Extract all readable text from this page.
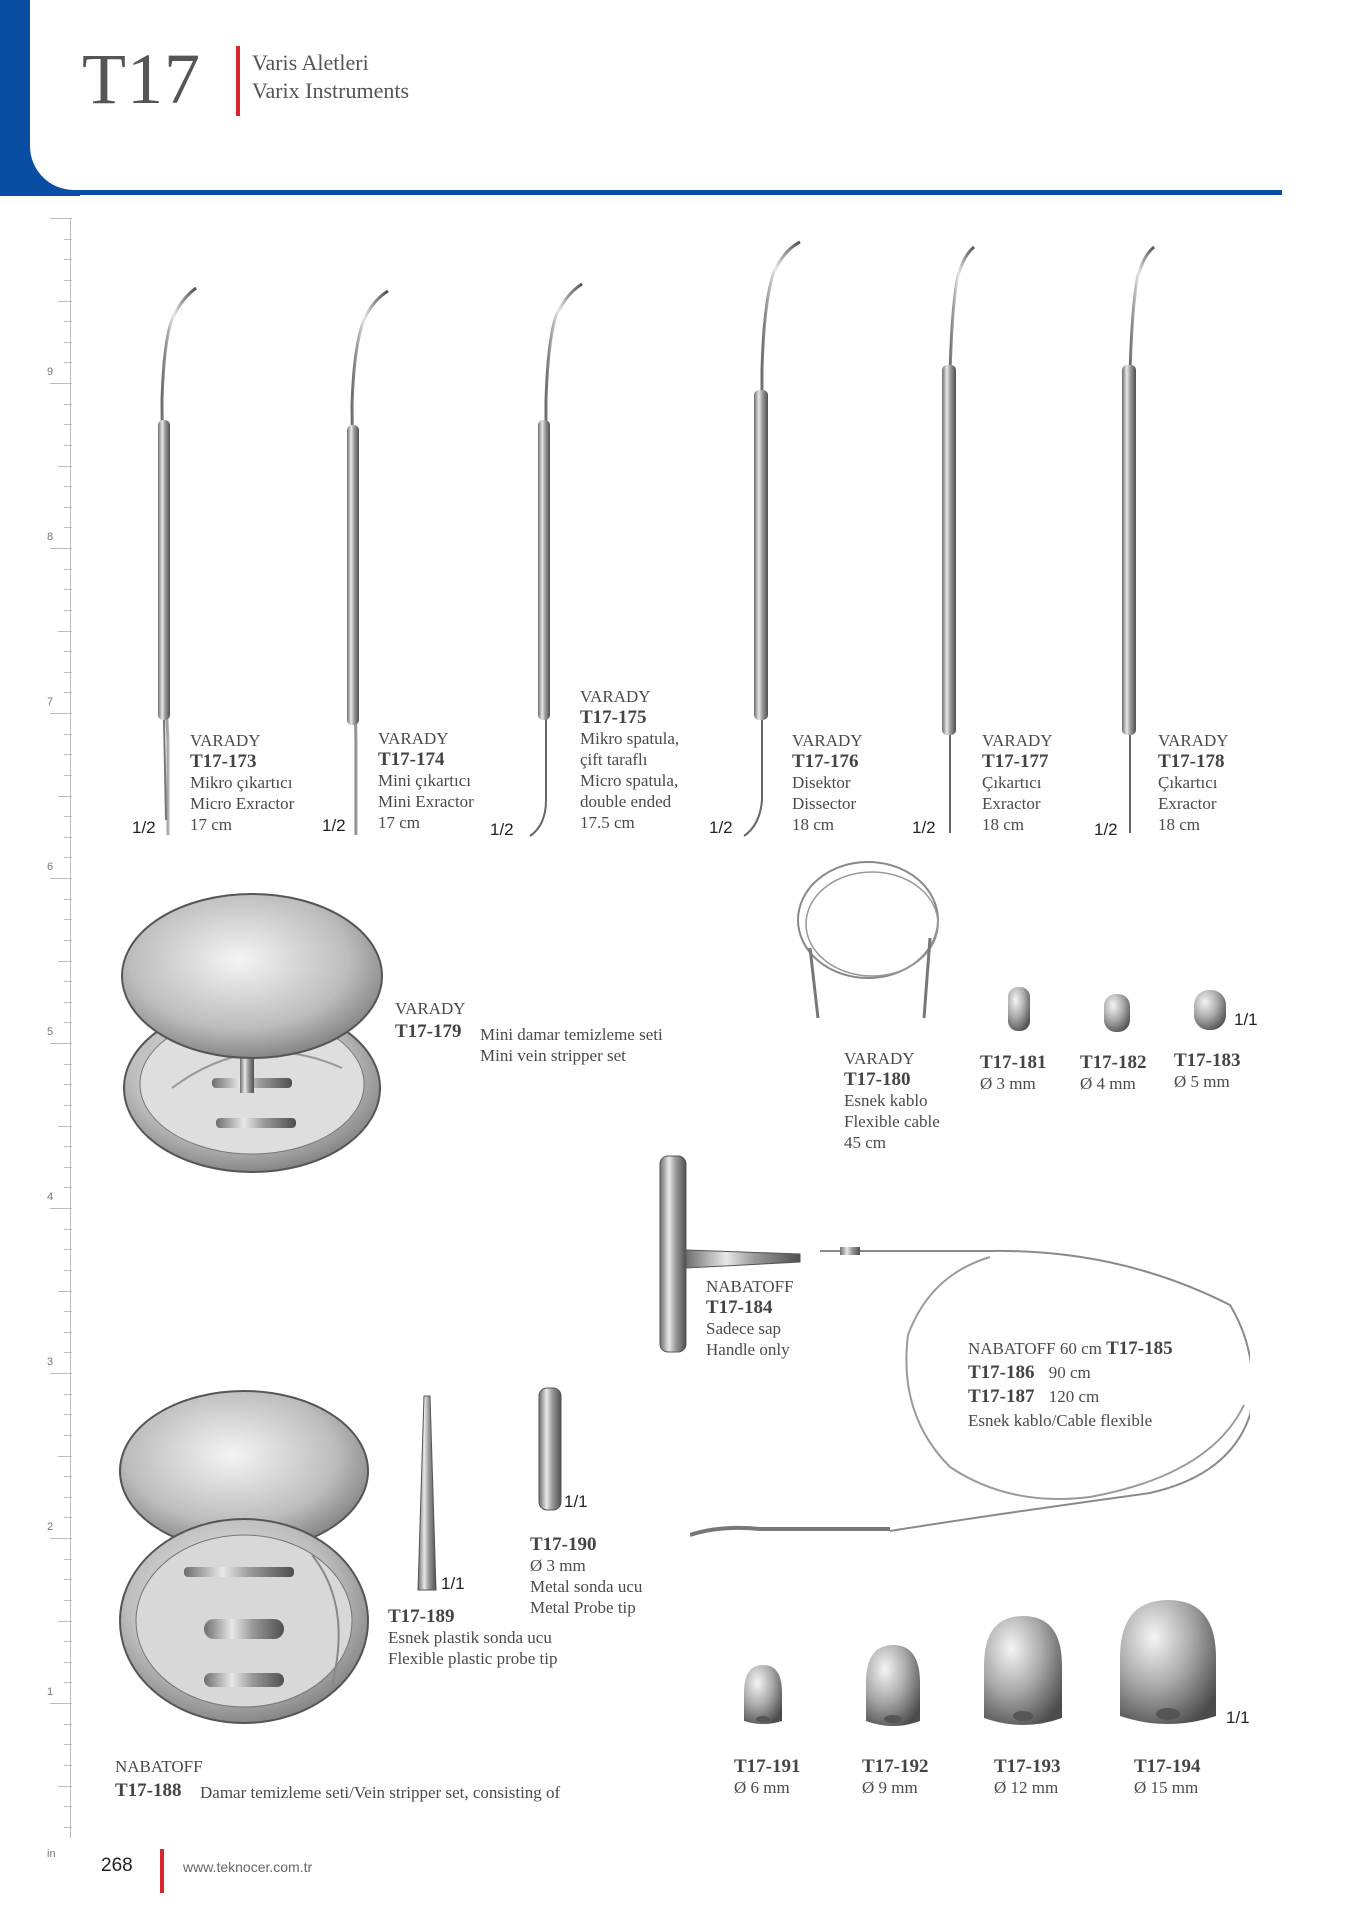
T17 Varis Aletleri
Varix Instruments
9
8
7
6
5
4
3
2
1
in
1/2	1/2	1/2	1/2	1/2	1/2
VARADY
T17-173
Mikro çıkartıcı
Micro Exractor
17 cm
VARADY
T17-174
Mini çıkartıcı
Mini Exractor
17 cm
VARADY
T17-175
Mikro spatula,
çift taraflı
Micro spatula,
double ended
17.5 cm
VARADY
T17-176
Disektor
Dissector
18 cm
VARADY
T17-177
Çıkartıcı
Exractor
18 cm
VARADY
T17-178
Çıkartıcı
Exractor
18 cm
VARADY
T17-179 Mini damar temizleme seti
Mini vein stripper set	VARADY
T17-180
Esnek kablo
Flexible cable
45 cm
1/1
T17-181
Ø 3 mm
T17-182
Ø 4 mm
T17-183
Ø 5 mm
NABATOFF
T17-184
Sadece sap
Handle only	NABATOFF 60 cm T17-185
T17-186 90 cm
T17-187 120 cm
Esnek kablo/Cable flexible
NABATOFF
T17-188 Damar temizleme seti/Vein stripper set, consisting of
1/1
T17-189
Esnek plastik sonda ucu
Flexible plastic probe tip
1/1
T17-190
Ø 3 mm
Metal sonda ucu
Metal Probe tip
1/1
T17-191
Ø 6 mm
T17-192
Ø 9 mm
T17-193
Ø 12 mm
T17-194
Ø 15 mm
268	www.teknocer.com.tr
